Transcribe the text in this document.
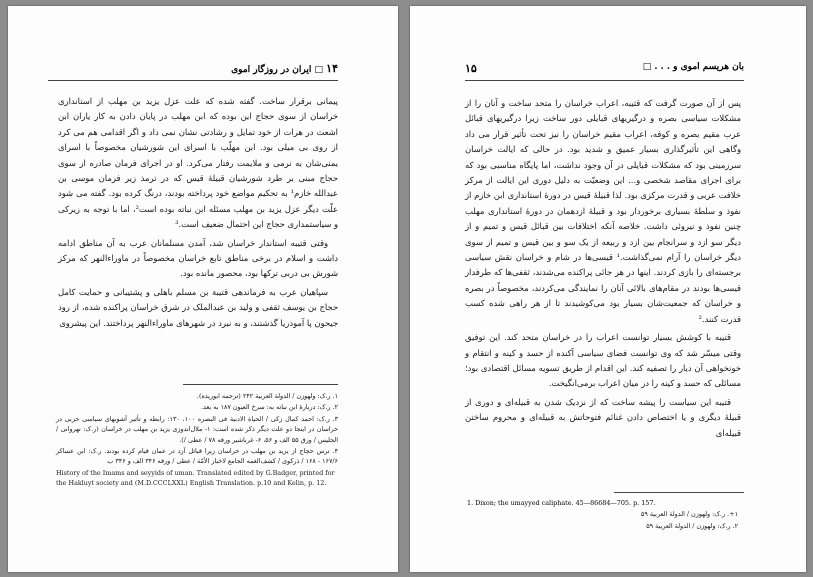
۱۴ □ ایران در روزگار اموی

پیمانی برقرار ساخت. گفته شده که علت عزل یزید بن مهلب از استانداری خراسان از سوی حجاج این بوده که ابن مهلب در پایان دادن به کار یاران ابن اشعث در هرات از خود تمایل و رشادتی نشان نمی داد و اگر اقدامی هم می کرد از روی بی میلی بود. ابن مهلّب با اسرای این شورشیان مخصوصاً با اسرای یمنی‌شان به نرمی و ملایمت رفتار می‌کرد. او در اجرای فرمان صادره از سوی حجاج مبنی بر طرد شورشیان قبیلهٔ قیس که در ترمذ زیر فرمان موسی بن عبدالله خازم¹ به تحکیم مواضع خود پرداخته بودند، درنگ کرده بود. گفته می شود علّت دیگر عزل یزید بن مهلب مسئله ابن نباته بوده است²، اما با توجه به زیرکی و سیاستمداری حجاج این احتمال ضعیف است.³

وقتی قتیبه استاندار خراسان شد، آمدن مسلمانان عرب به آن مناطق ادامه داشت و اسلام در برخی مناطق تابع خراسان مخصوصاً در ماوراءالنهر که مرکز شورش بی دربی ترکها بود، محصور مانده بود.

سپاهیان عرب به فرماندهی قتیبة بن مسلم باهلی و پشتیبانی و حمایت کامل حجاج بن یوسف ثقفی و ولید بن عبدالملک در شرق خراسان پراکنده شده، از رود جیحون پا آمودریا گذشتند، و به نبرد در شهرهای ماوراءالنهر پرداختند. این پیشروی

۱. ر.ک: ولهوزن / الدولة العربية ۲۴۲ (ترجمه ابوریده).

۲. ر.ک: دربارهٔ ابن نباته به: سرخ العیون ۱۸۷ به بعد.

۳. ر.ک: احمد کمال زکی / الحیاة الادبیة فی البصره ۱۰۰، ۱۳۰: رابطه و تأثیر آشوبهای سیاسی حزبی در خراسان در اینجا دو علت دیگر ذکر شده است: ۱- ملال‌اندوزی یزید بن مهلب در خراسان (ر.ک: نهروانی / الجلیس / ورق ۵۵ الف و ۵۶، ۶- غرباشیر ورقه ۷۸ / عطی /).

۴. ترس حجاج از یزید بن مهلب در خراسان زیرا قبائل آزد در عمان قیام کرده بودند. ر.ک: ابن عساکر ۱۶۷/۶ - ۱۶۸ / ذرکوی / کشف‌الغمه الجامع لاخبار الأمّة / عطی / ورقه ۳۴۶ الف و ۳۴۶ ب

History of the Imams and seyyids of uman. Translated edited by G.Badger, printed for the Hakluyt society and (M.D.CCCLXXL) English Translation. p.10 and Kelin, p. 12.

بان هریسم اموی و . . . □
۱۵

پس از آن صورت گرفت که قتیبه، اعراب خراسان را متحد ساخت و آنان را از مشکلات سیاسی بصره و درگیریهای قبایلی دور ساخت زیرا درگیریهای قبائل عرب مقیم بصره و کوفه، اعراب مقیم خراسان را نیز تحت تأثیر قرار می داد وگاهی این تأثیرگذاری بسیار عمیق و شدید بود. در حالی که ایالت خراسان سرزمینی بود که مشکلات قبایلی در آن وجود نداشت، اما پایگاه مناسبی بود که برای اجرای مقاصد شخصی و... این وضعیّت به دلیل دوری این ایالت از مرکز خلافت عربی و قدرت مرکزی بود. لذا قبیلهٔ قیس در دورهٔ استانداری ابن خازم از نفوذ و سلطهٔ بسیاری برخوردار بود و قبیلهٔ ازدهمان در دورهٔ استانداری مهلب چنین نفوذ و نیروئی داشت. خلاصه آنکه اختلافات بین قبائل قیس و تمیم و از دیگر سو ازد و سرانجام بین ازد و ربیعه از یک سو و بین قیس و تمیم از سوی دیگر خراسان را آرام نمی‌گذاشت.¹ قیسی‌ها در شام و خراسان نقش سیاسی برجسته‌ای را بازی کردند. اینها در هر جائی پراکنده می‌شدند، ثقفی‌ها که طرفدار قیسی‌ها بودند در مقام‌های بالائی آنان را نمایندگی می‌کردند، مخصوصاً در بصره و خراسان که جمعیت‌شان بسیار بود می‌کوشیدند تا از هر راهی شده کسب قدرت کنند.²

قتیبه با کوشش بسیار توانست اعراب را در خراسان متحد کند. این توفیق وقتی میسّر شد که وی توانست فضای سیاسی آکنده از حسد و کینه و انتقام و خونخواهی آن دیار را تصفیه کند. این اقدام از طریق تسویه مسائل اقتصادی بود؛ مسائلی که حسد و کینه را در میان اعراب برمی‌انگیخت.

قتیبه این سیاست را پیشه ساخت که از نزدیک شدن به قبیله‌ای و دوری از قبیلهٔ دیگری و یا اختصاص دادن غنائم فتوحاتش به قبیله‌ای و محروم ساختن قبیله‌ای

1. Dixon; the umayyed caliphate. 45—86684—705. p. 157.

۱+. ر.ک: ولهوزن / الدولة العربية ۵۹

۲. ر.ک: ولهوزن / الدولة العربية ۵۹
